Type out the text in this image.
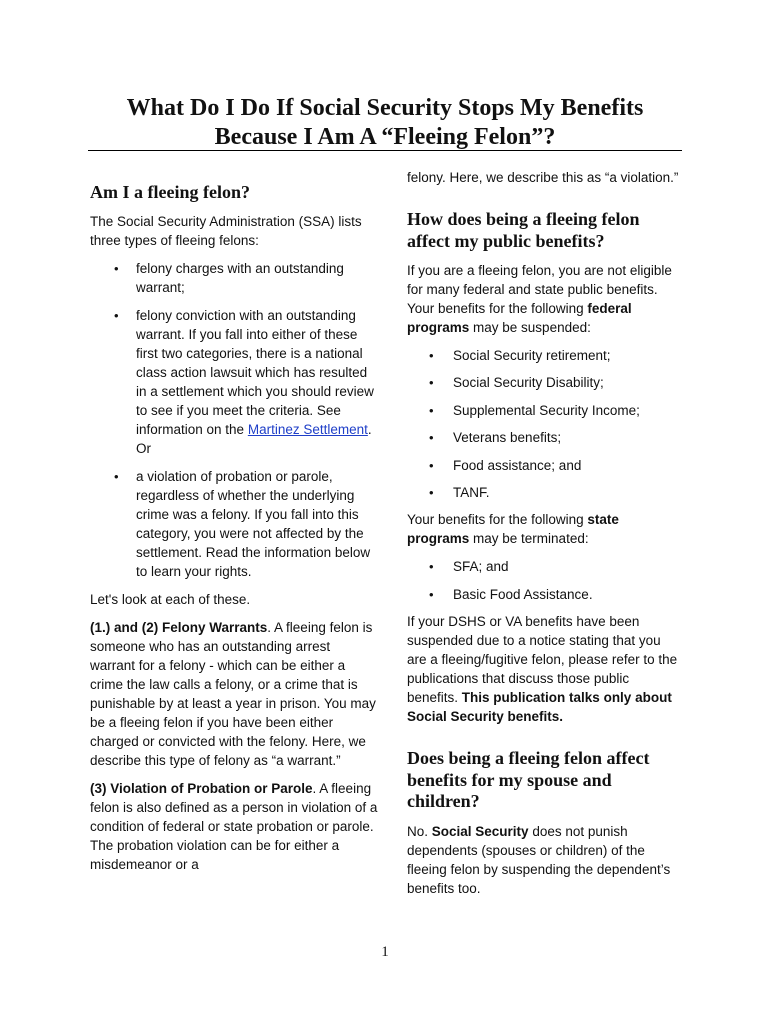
What Do I Do If Social Security Stops My Benefits
Because I Am A “Fleeing Felon”?
Am I a fleeing felon?

The Social Security Administration (SSA) lists three types of fleeing felons:

• felony charges with an outstanding warrant;
• felony conviction with an outstanding warrant. If you fall into either of these first two categories, there is a national class action lawsuit which has resulted in a settlement which you should review to see if you meet the criteria. See information on the Martinez Settlement. Or
• a violation of probation or parole, regardless of whether the underlying crime was a felony. If you fall into this category, you were not affected by the settlement. Read the information below to learn your rights.

Let's look at each of these.

(1.) and (2) Felony Warrants. A fleeing felon is someone who has an outstanding arrest warrant for a felony - which can be either a crime the law calls a felony, or a crime that is punishable by at least a year in prison. You may be a fleeing felon if you have been either charged or convicted with the felony. Here, we describe this type of felony as “a warrant.”

(3) Violation of Probation or Parole. A fleeing felon is also defined as a person in violation of a condition of federal or state probation or parole. The probation violation can be for either a misdemeanor or a

felony. Here, we describe this as “a violation.”

How does being a fleeing felon affect my public benefits?

If you are a fleeing felon, you are not eligible for many federal and state public benefits. Your benefits for the following federal programs may be suspended:

• Social Security retirement;
• Social Security Disability;
• Supplemental Security Income;
• Veterans benefits;
• Food assistance; and
• TANF.

Your benefits for the following state programs may be terminated:

• SFA; and
• Basic Food Assistance.

If your DSHS or VA benefits have been suspended due to a notice stating that you are a fleeing/fugitive felon, please refer to the publications that discuss those public benefits. This publication talks only about Social Security benefits.

Does being a fleeing felon affect benefits for my spouse and children?

No. Social Security does not punish dependents (spouses or children) of the fleeing felon by suspending the dependent’s benefits too.

1
